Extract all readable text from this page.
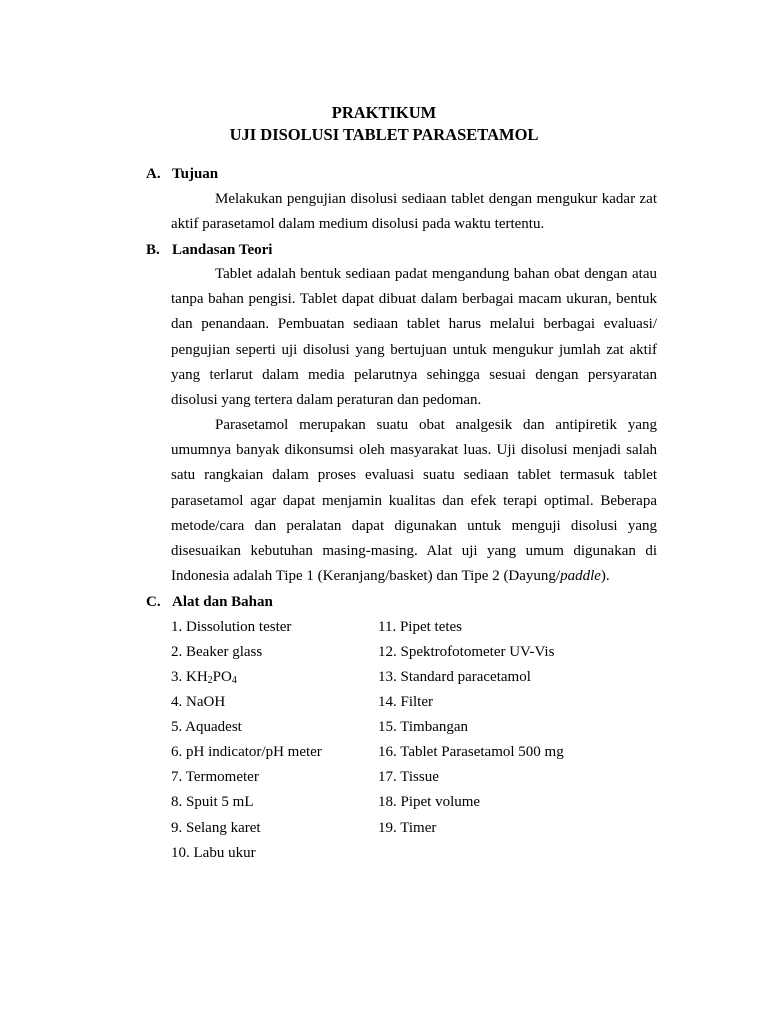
PRAKTIKUM
UJI DISOLUSI TABLET PARASETAMOL
A. Tujuan
Melakukan pengujian disolusi sediaan tablet dengan mengukur kadar zat aktif parasetamol dalam medium disolusi pada waktu tertentu.
B. Landasan Teori
Tablet adalah bentuk sediaan padat mengandung bahan obat dengan atau tanpa bahan pengisi. Tablet dapat dibuat dalam berbagai macam ukuran, bentuk dan penandaan. Pembuatan sediaan tablet harus melalui berbagai evaluasi/ pengujian seperti uji disolusi yang bertujuan untuk mengukur jumlah zat aktif yang terlarut dalam media pelarutnya sehingga sesuai dengan persyaratan disolusi yang tertera dalam peraturan dan pedoman.
Parasetamol merupakan suatu obat analgesik dan antipiretik yang umumnya banyak dikonsumsi oleh masyarakat luas. Uji disolusi menjadi salah satu rangkaian dalam proses evaluasi suatu sediaan tablet termasuk tablet parasetamol agar dapat menjamin kualitas dan efek terapi optimal. Beberapa metode/cara dan peralatan dapat digunakan untuk menguji disolusi yang disesuaikan kebutuhan masing-masing. Alat uji yang umum digunakan di Indonesia adalah Tipe 1 (Keranjang/basket) dan Tipe 2 (Dayung/paddle).
C. Alat dan Bahan
1. Dissolution tester
2. Beaker glass
3. $KH_2PO_4$
4. NaOH
5. Aquadest
6. pH indicator/pH meter
7. Termometer
8. Spuit 5 mL
9. Selang karet
10. Labu ukur
11. Pipet tetes
12. Spektrofotometer UV-Vis
13. Standard paracetamol
14. Filter
15. Timbangan
16. Tablet Parasetamol 500 mg
17. Tissue
18. Pipet volume
19. Timer
